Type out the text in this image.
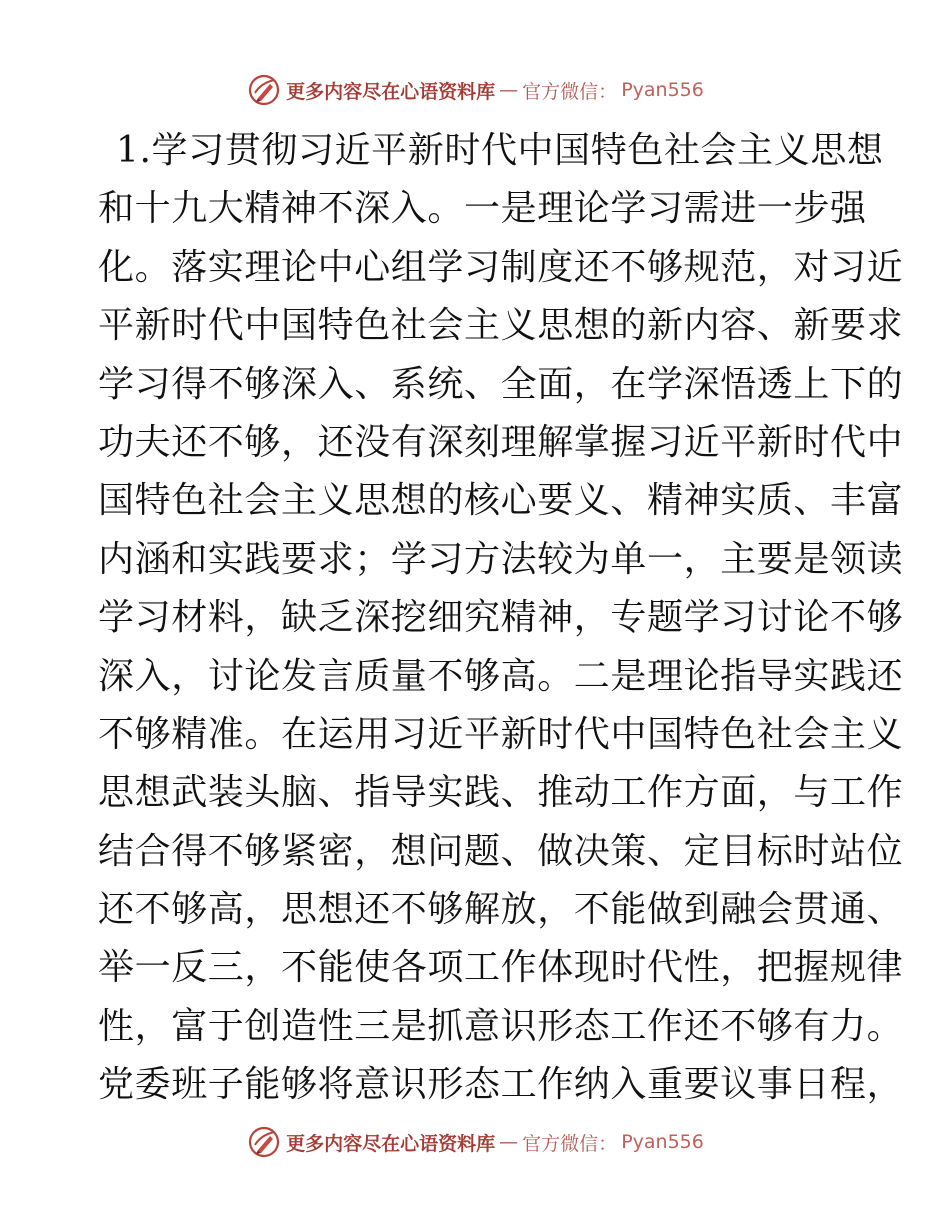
更多内容尽在心语资料库 — 官方微信： Pyan556
1.学习贯彻习近平新时代中国特色社会主义思想
和十九大精神不深入。一是理论学习需进一步强
化。落实理论中心组学习制度还不够规范，对习近
平新时代中国特色社会主义思想的新内容、新要求
学习得不够深入、系统、全面，在学深悟透上下的
功夫还不够，还没有深刻理解掌握习近平新时代中
国特色社会主义思想的核心要义、精神实质、丰富
内涵和实践要求；学习方法较为单一，主要是领读
学习材料，缺乏深挖细究精神，专题学习讨论不够
深入，讨论发言质量不够高。二是理论指导实践还
不够精准。在运用习近平新时代中国特色社会主义
思想武装头脑、指导实践、推动工作方面，与工作
结合得不够紧密，想问题、做决策、定目标时站位
还不够高，思想还不够解放，不能做到融会贯通、
举一反三，不能使各项工作体现时代性，把握规律
性，富于创造性三是抓意识形态工作还不够有力。
党委班子能够将意识形态工作纳入重要议事日程，
更多内容尽在心语资料库 — 官方微信： Pyan556
